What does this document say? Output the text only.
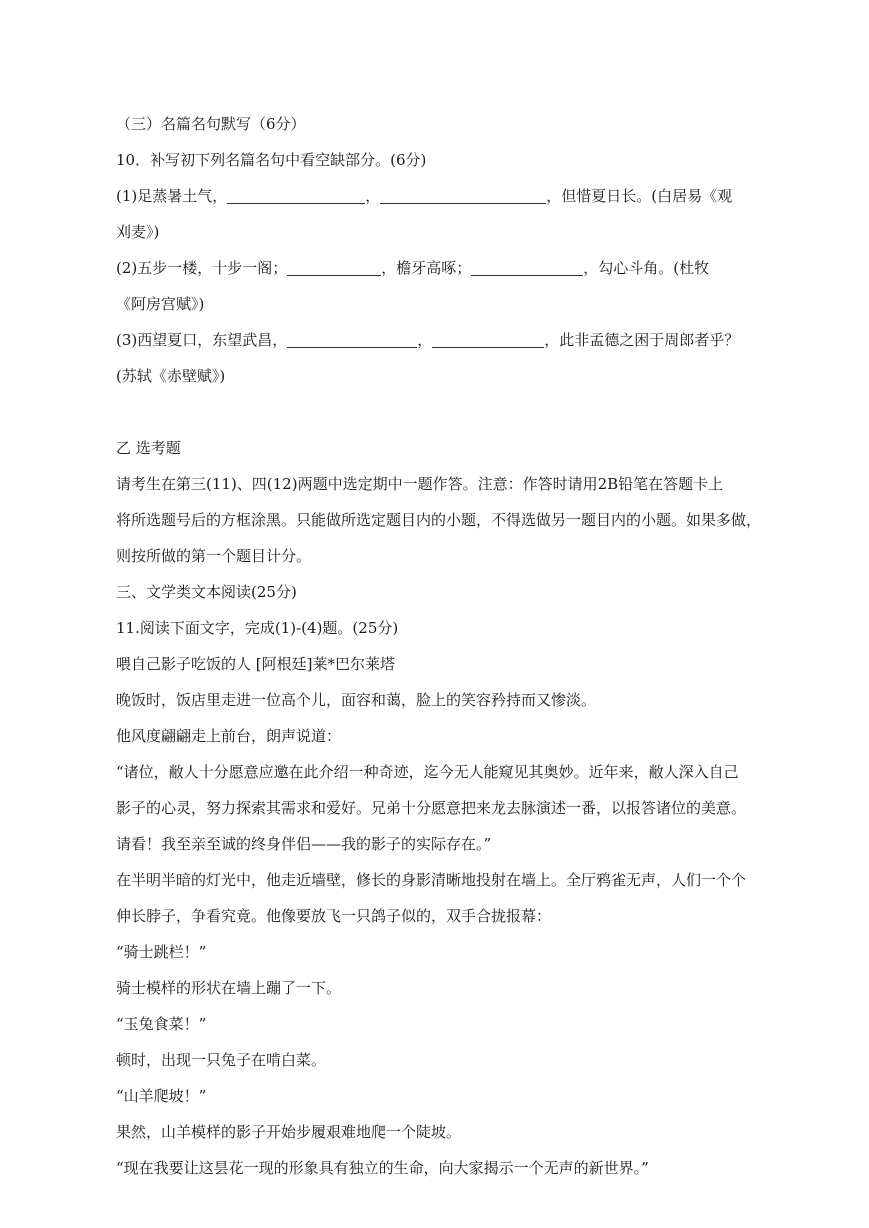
（三）名篇名句默写（6分）
10．补写初下列名篇名句中看空缺部分。(6分)
(1)足蒸暑土气，	，	，但惜夏日长。(白居易《观
刈麦》)
(2)五步一楼，十步一阁；	，檐牙高啄；	，勾心斗角。(杜牧
《阿房宫赋》)
(3)西望夏口，东望武昌，	，	，此非孟德之困于周郎者乎？
(苏轼《赤壁赋》)
乙 选考题
请考生在第三(11)、四(12)两题中选定期中一题作答。注意：作答时请用2B铅笔在答题卡上
将所选题号后的方框涂黑。只能做所选定题目内的小题，不得选做另一题目内的小题。如果多做，
则按所做的第一个题目计分。
三、文学类文本阅读(25分)
11.阅读下面文字，完成(1)-(4)题。(25分)
喂自己影子吃饭的人 [阿根廷]莱*巴尔莱塔
晚饭时，饭店里走进一位高个儿，面容和蔼，脸上的笑容矜持而又惨淡。
他风度翩翩走上前台，朗声说道：
“诸位，敝人十分愿意应邀在此介绍一种奇迹，迄今无人能窥见其奥妙。近年来，敝人深入自己
影子的心灵，努力探索其需求和爱好。兄弟十分愿意把来龙去脉演述一番，以报答诸位的美意。
请看！我至亲至诚的终身伴侣——我的影子的实际存在。”
在半明半暗的灯光中，他走近墙壁，修长的身影清晰地投射在墙上。全厅鸦雀无声，人们一个个
伸长脖子，争看究竟。他像要放飞一只鸽子似的，双手合拢报幕：
“骑士跳栏！”
骑士模样的形状在墙上蹦了一下。
“玉兔食菜！”
顿时，出现一只兔子在啃白菜。
“山羊爬坡！”
果然，山羊模样的影子开始步履艰难地爬一个陡坡。
“现在我要让这昙花一现的形象具有独立的生命，向大家揭示一个无声的新世界。”
